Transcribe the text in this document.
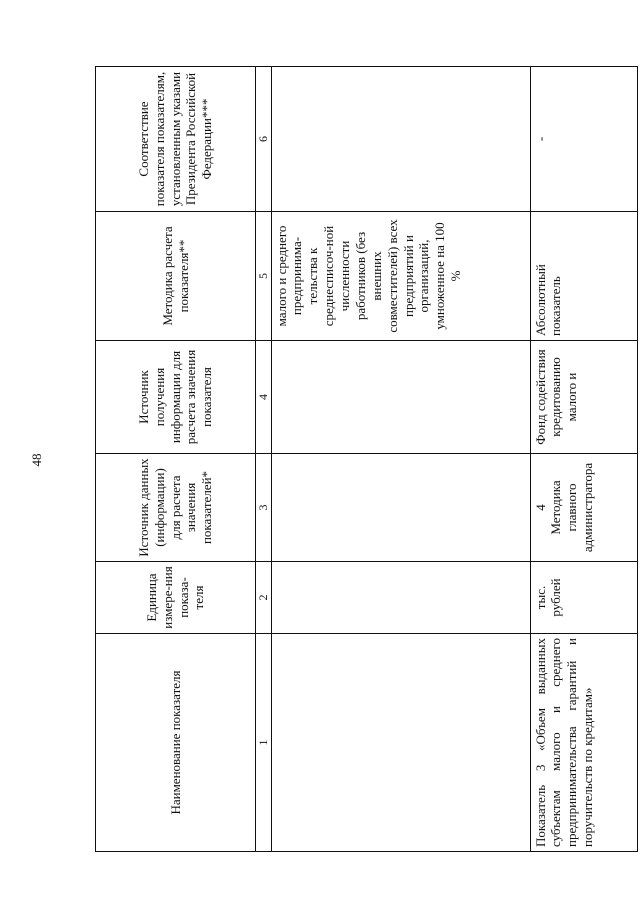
48
Наименование показателя	Единица измере-ния показа-теля	Источник данных (информации) для расчета значения показателей*	Источник получения информации для расчета значения показателя	Методика расчета показателя**	Соответствие показателя показателям, установленным указами Президента Российской Федерации***
1	2	3	4	5	6
				малого и среднего предпринима-тельства к среднесписоч-ной численности работников (без внешних совместителей) всех предприятий и организаций, умноженное на 100 %	
Показатель 3 «Объем выданных субъектам малого и среднего предпринимательства гарантий и поручительств по кредитам»	тыс. рублей	4 Методика главного администратора	Фонд содействия кредитованию малого и	Абсолютный показатель	-
